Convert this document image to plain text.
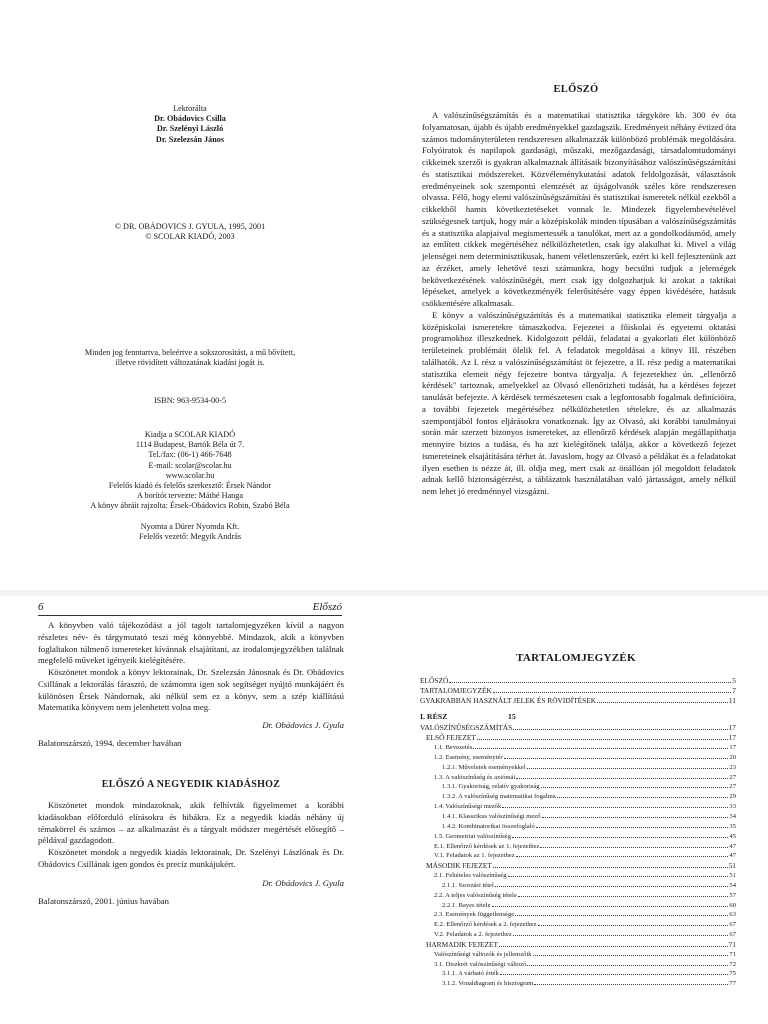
Lektorálta
Dr. Obádovics Csilla
Dr. Szelényi László
Dr. Szelezsán János
© DR. OBÁDOVICS J. GYULA, 1995, 2001
© SCOLAR KIADÓ, 2003
Minden jog fenntartva, beleértve a sokszorosítást, a mű bővített,
illetve rövidített változatának kiadási jogát is.
ISBN: 963-9534-00-5
Kiadja a SCOLAR KIADÓ
1114 Budapest, Bartók Béla út 7.
Tel./fax: (06-1) 466-7648
E-mail: scolar@scolar.hu
www.scolar.hu
Felelős kiadó és felelős szerkesztő: Érsek Nándor
A borítót tervezte: Máthé Hanga
A könyv ábráit rajzolta: Érsek-Obádovics Robin, Szabó Béla
Nyomta a Dürer Nyomda Kft.
Felelős vezető: Megyik András
ELŐSZÓ

A valószínűségszámítás és a matematikai statisztika tárgyköre kb. 300 év óta folyamatosan, újabb és újabb eredményekkel gazdagszik. Eredményeit néhány évtized óta számos tudományterületen rendszeresen alkalmazzák különböző problémák megoldására. Folyóiratok és napilapok gazdasági, műszaki, mezőgazdasági, társadalomtudományi cikkeinek szerzői is gyakran alkalmaznak állításaik bizonyításához valószínűségszámítási és statisztikai módszereket. Közvéleménykutatási adatok feldolgozását, választások eredményeinek sok szempontú elemzését az újságolvasók széles köre rendszeresen olvassa. Félő, hogy elemi valószínűségszámítási és statisztikai ismeretek nélkül ezekből a cikkekből hamis következtetéseket vonnak le. Mindezek figyelembevételével szükségesnek tartjuk, hogy már a középiskolák minden típusában a valószínűségszámítás és a statisztika alapjaival megismertessék a tanulókat, mert az a gondolkodásmód, amely az említett cikkek megértéséhez nélkülözhetetlen, csak így alakulhat ki. Mivel a világ jelenségei nem determinisztikusak, hanem véletlenszerűek, ezért ki kell fejlesztenünk azt az érzéket, amely lehetővé teszi számunkra, hogy becsülni tudjuk a jelenségek bekövetkezésének valószínűségét, mert csak így dolgozhatjuk ki azokat a taktikai lépéseket, amelyek a következményék felerősítésére vagy éppen kivédésére, hatásuk csökkentésére alkalmasak.

E könyv a valószínűségszámítás és a matematikai statisztika elemeit tárgyalja a középiskolai ismeretekre támaszkodva. Fejezetei a főiskolai és egyetemi oktatási programokhoz illeszkednek. Kidolgozott példái, feladatai a gyakorlati élet különböző területeinek problémáit ölelik fel. A feladatok megoldásai a könyv III. részében találhatók. Az I. rész a valószínűségszámítást öt fejezetre, a II. rész pedig a matematikai statisztika elemeit négy fejezetre bontva tárgyalja. A fejezetekhez ún. „ellenőrző kérdések" tartoznak, amelyekkel az Olvasó ellenőrizheti tudását, ha a kérdéses fejezet tanulását befejezte. A kérdések természetesen csak a legfontosabb fogalmak definícióira, a további fejezetek megértéséhez nélkülözhetetlen tételekre, és az alkalmazás szempontjából fontos eljárásokra vonatkoznak. Így az Olvasó, aki korábbi tanulmányai során már szerzett bizonyos ismereteket, az ellenőrző kérdések alapján megállapíthatja mennyire biztos a tudása, és ha azt kielégítőnek találja, akkor a következő fejezet ismereteinek elsajátítására térhet át. Javaslom, hogy az Olvasó a példákat és a feladatokat ilyen esetben is nézze át, ill. oldja meg, mert csak az önállóan jól megoldott feladatok adnak kellő biztonságérzést, a táblázatok használatában való jártasságot, amely nélkül nem lehet jó eredménnyel vizsgázni.

6	Előszó

A könyvben való tájékozódást a jól tagolt tartalomjegyzéken kívül a nagyon részletes név- és tárgymutató teszi még könnyebbé. Mindazok, akik a könyvben foglaltakon túlmenő ismereteket kívánnak elsajátítani, az irodalomjegyzékben találnak megfelelő műveket igényeik kielégítésére.

Köszönetet mondok a könyv lektorainak, Dr. Szelezsán Jánosnak és Dr. Obádovics Csillának a lektorálás fárasztó, de számomra igen sok segítséget nyújtó munkájáért és különösen Érsek Nándornak, aki nélkül sem ez a könyv, sem a szép kiállítású Matematika könyvem nem jelenhetett volna meg.

Dr. Obádovics J. Gyula

Balatonszárszó, 1994. december havában

ELŐSZÓ A NEGYEDIK KIADÁSHOZ

Köszönetet mondok mindazoknak, akik felhívták figyelmemet a korábbi kiadásokban előforduló elírásokra és hibákra. Ez a negyedik kiadás néhány új témakörrel és számos – az alkalmazást és a tárgyalt módszer megértését elősegítő – példával gazdagodott.

Köszönetet mondok a negyedik kiadás lektorainak, Dr. Szelényi Lászlónak és Dr. Obádovics Csillának igen gondos és precíz munkájukért.

Dr. Obádovics J. Gyula

Balatonszárszó, 2001. június havában

TARTALOMJEGYZÉK
ELŐSZÓ	5
TARTALOMJEGYZÉK	7
GYAKRABBAN HASZNÁLT JELEK ÉS RÖVIDÍTÉSEK	11
I. RÉSZ	15
VALÓSZÍNŰSÉGSZÁMÍTÁS	17
ELSŐ FEJEZET	17
1.1. Bevezetés	17
1.2. Esemény, eseménytér	20
1.2.1. Műveletek eseményekkel	23
1.3. A valószínűség és axiómái	27
1.3.1. Gyakoriság, relatív gyakoriság	27
1.3.2. A valószínűség matematikai fogalma	29
1.4. Valószínűségi mezők	33
1.4.1. Klasszikus valószínűségi mező	34
1.4.2. Kombinatorikai összefoglaló	35
1.5. Geometriai valószínűség	45
E.1. Ellenőrző kérdések az 1. fejezethez	47
V.1. Feladatok az 1. fejezethez	47
MÁSODIK FEJEZET	51
2.1. Feltételes valószínűség	51
2.1.1. Szorzási tétel	54
2.2. A teljes valószínűség tétele	57
2.2.1. Bayes tétele	60
2.3. Események függetlensége	63
E.2. Ellenőrző kérdések a 2. fejezethez	67
V.2. Feladatok a 2. fejezethez	67
HARMADIK FEJEZET	71
Valószínűségi változók és jellemzőik	71
3.1. Diszkrét valószínűségi változó	72
3.1.1. A várható érték	75
3.1.2. Vonaldiagram és hisztogram	77
